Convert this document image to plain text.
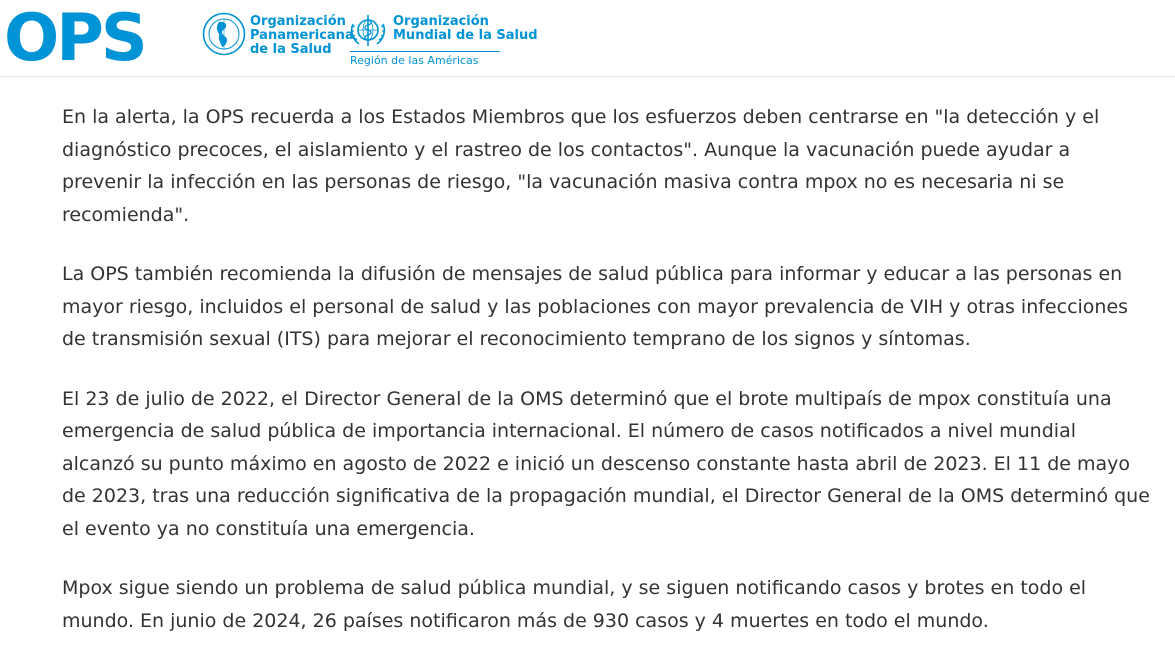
OPS	Organización
Panamericana
de la Salud
Organización
Mundial de la Salud
Región de las Américas

En la alerta, la OPS recuerda a los Estados Miembros que los esfuerzos deben centrarse en "la detección y el diagnóstico precoces, el aislamiento y el rastreo de los contactos". Aunque la vacunación puede ayudar a prevenir la infección en las personas de riesgo, "la vacunación masiva contra mpox no es necesaria ni se recomienda".

La OPS también recomienda la difusión de mensajes de salud pública para informar y educar a las personas en mayor riesgo, incluidos el personal de salud y las poblaciones con mayor prevalencia de VIH y otras infecciones de transmisión sexual (ITS) para mejorar el reconocimiento temprano de los signos y síntomas.

El 23 de julio de 2022, el Director General de la OMS determinó que el brote multipaís de mpox constituía una emergencia de salud pública de importancia internacional. El número de casos notificados a nivel mundial alcanzó su punto máximo en agosto de 2022 e inició un descenso constante hasta abril de 2023. El 11 de mayo de 2023, tras una reducción significativa de la propagación mundial, el Director General de la OMS determinó que el evento ya no constituía una emergencia.

Mpox sigue siendo un problema de salud pública mundial, y se siguen notificando casos y brotes en todo el mundo. En junio de 2024, 26 países notificaron más de 930 casos y 4 muertes en todo el mundo.
